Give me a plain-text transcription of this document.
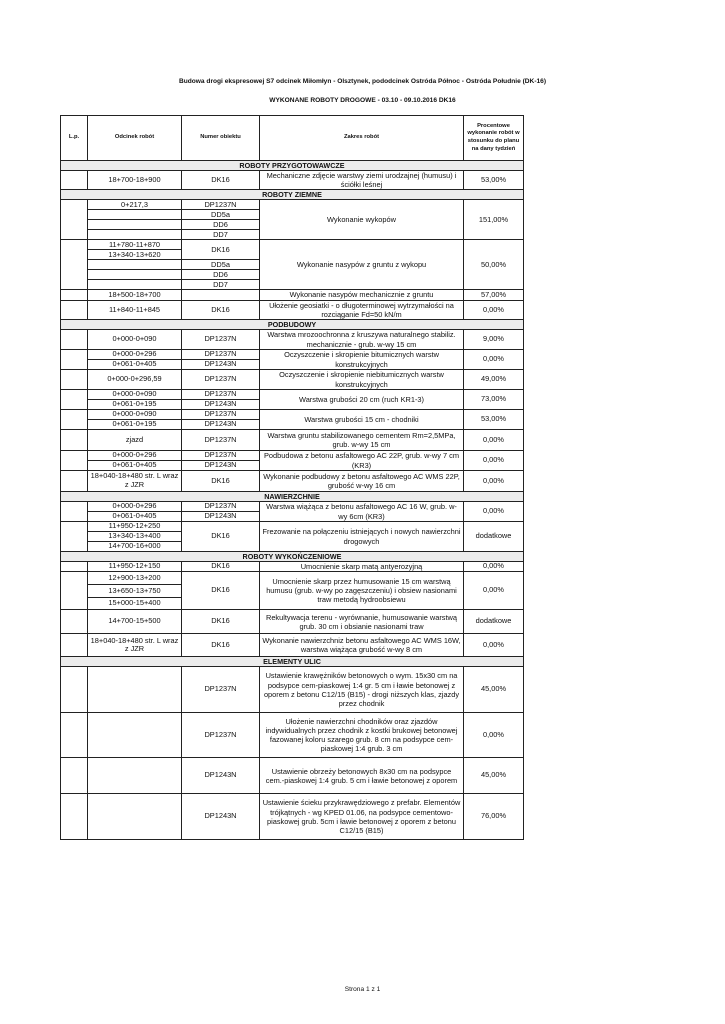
Budowa drogi ekspresowej S7 odcinek Miłomłyn - Olsztynek, pododcinek Ostróda Północ - Ostróda Południe (DK-16)
WYKONANE ROBOTY DROGOWE - 03.10 - 09.10.2016 DK16
L.p.	Odcinek robót	Numer obiektu	Zakres robót	Procentowe wykonanie robót w stosunku do planu na dany tydzień
ROBOTY PRZYGOTOWAWCZE				
	18+700-18+900	DK16	Mechaniczne zdjęcie warstwy ziemi urodzajnej (humusu) i ściółki leśnej	53,00%
ROBOTY ZIEMNE				
	0+217,3	DP1237N	Wykonanie wykopów	151,00%
		DD5a		
		DD6		
		DD7		
	11+780-11+870	DK16	Wykonanie nasypów z gruntu z wykopu	50,00%
	13+340-13+620			
		DD5a		
		DD6		
		DD7		
	18+500-18+700		Wykonanie nasypów mechanicznie z gruntu	57,00%
	11+840-11+845	DK16	Ułożenie geosiatki - o długoterminowej wytrzymałości na rozciąganie Fd=50 kN/m	0,00%
PODBUDOWY				
	0+000-0+090	DP1237N	Warstwa mrozoochronna z kruszywa naturalnego stabiliz. mechanicznie - grub. w-wy 15 cm	9,00%
	0+000-0+296	DP1237N	Oczyszczenie i skropienie bitumicznych warstw konstrukcyjnych	0,00%
	0+061-0+405	DP1243N		
	0+000-0+296,59	DP1237N	Oczyszczenie i skropienie niebitumicznych warstw konstrukcyjnych	49,00%
	0+000-0+090	DP1237N	Warstwa grubości 20 cm (ruch KR1-3)	73,00%
	0+061-0+195	DP1243N		
	0+000-0+090	DP1237N	Warstwa grubości 15 cm - chodniki	53,00%
	0+061-0+195	DP1243N		
	zjazd	DP1237N	Warstwa gruntu stabilizowanego cementem Rm=2,5MPa, grub. w-wy 15 cm	0,00%
	0+000-0+296	DP1237N	Podbudowa z betonu asfaltowego AC 22P, grub. w-wy 7 cm (KR3)	0,00%
	0+061-0+405	DP1243N		
	18+040-18+480 str. L wraz z JZR	DK16	Wykonanie podbudowy z betonu asfaltowego AC WMS 22P, grubość w-wy 16 cm	0,00%
NAWIERZCHNIE				
	0+000-0+296	DP1237N	Warstwa wiążąca z betonu asfaltowego AC 16 W, grub. w-wy 6cm (KR3)	0,00%
	0+061-0+405	DP1243N		
	11+950-12+250	DK16	Frezowanie na połączeniu istniejących i nowych nawierzchni drogowych	dodatkowe
	13+340-13+400			
	14+700-16+000			
ROBOTY WYKOŃCZENIOWE				
	11+950-12+150	DK16	Umocnienie skarp matą antyerozyjną	0,00%
	12+900-13+200	DK16	Umocnienie skarp przez humusowanie 15 cm warstwą humusu (grub. w-wy po zagęszczeniu) i obsiew nasionami traw metodą hydroobsiewu	0,00%
	13+650-13+750			
	15+000-15+400			
	14+700-15+500	DK16	Rekultywacja terenu - wyrównanie, humusowanie warstwą grub. 30 cm i obsianie nasionami traw	dodatkowe
	18+040-18+480 str. L wraz z JZR	DK16	Wykonanie nawierzchniz betonu asfaltowego AC WMS 16W, warstwa wiążąca grubość w-wy 8 cm	0,00%
ELEMENTY ULIC				
		DP1237N	Ustawienie krawężników betonowych o wym. 15x30 cm na podsypce cem-piaskowej 1:4 gr. 5 cm i ławie betonowej z oporem z betonu C12/15 (B15) - drogi niższych klas, zjazdy przez chodnik	45,00%
		DP1237N	Ułożenie nawierzchni chodników oraz zjazdów indywidualnych przez chodnik z kostki brukowej betonowej fazowanej koloru szarego grub. 8 cm na podsypce cem-piaskowej 1:4 grub. 3 cm	0,00%
		DP1243N	Ustawienie obrzeży betonowych 8x30 cm na podsypce cem.-piaskowej 1:4 grub. 5 cm i ławie betonowej z oporem	45,00%
		DP1243N	Ustawienie ścieku przykrawędziowego z prefabr. Elementów trójkątnych - wg KPED 01.06, na podsypce cementowo-piaskowej grub. 5cm i ławie betonowej z oporem z betonu C12/15 (B15)	76,00%
Strona 1 z 1
